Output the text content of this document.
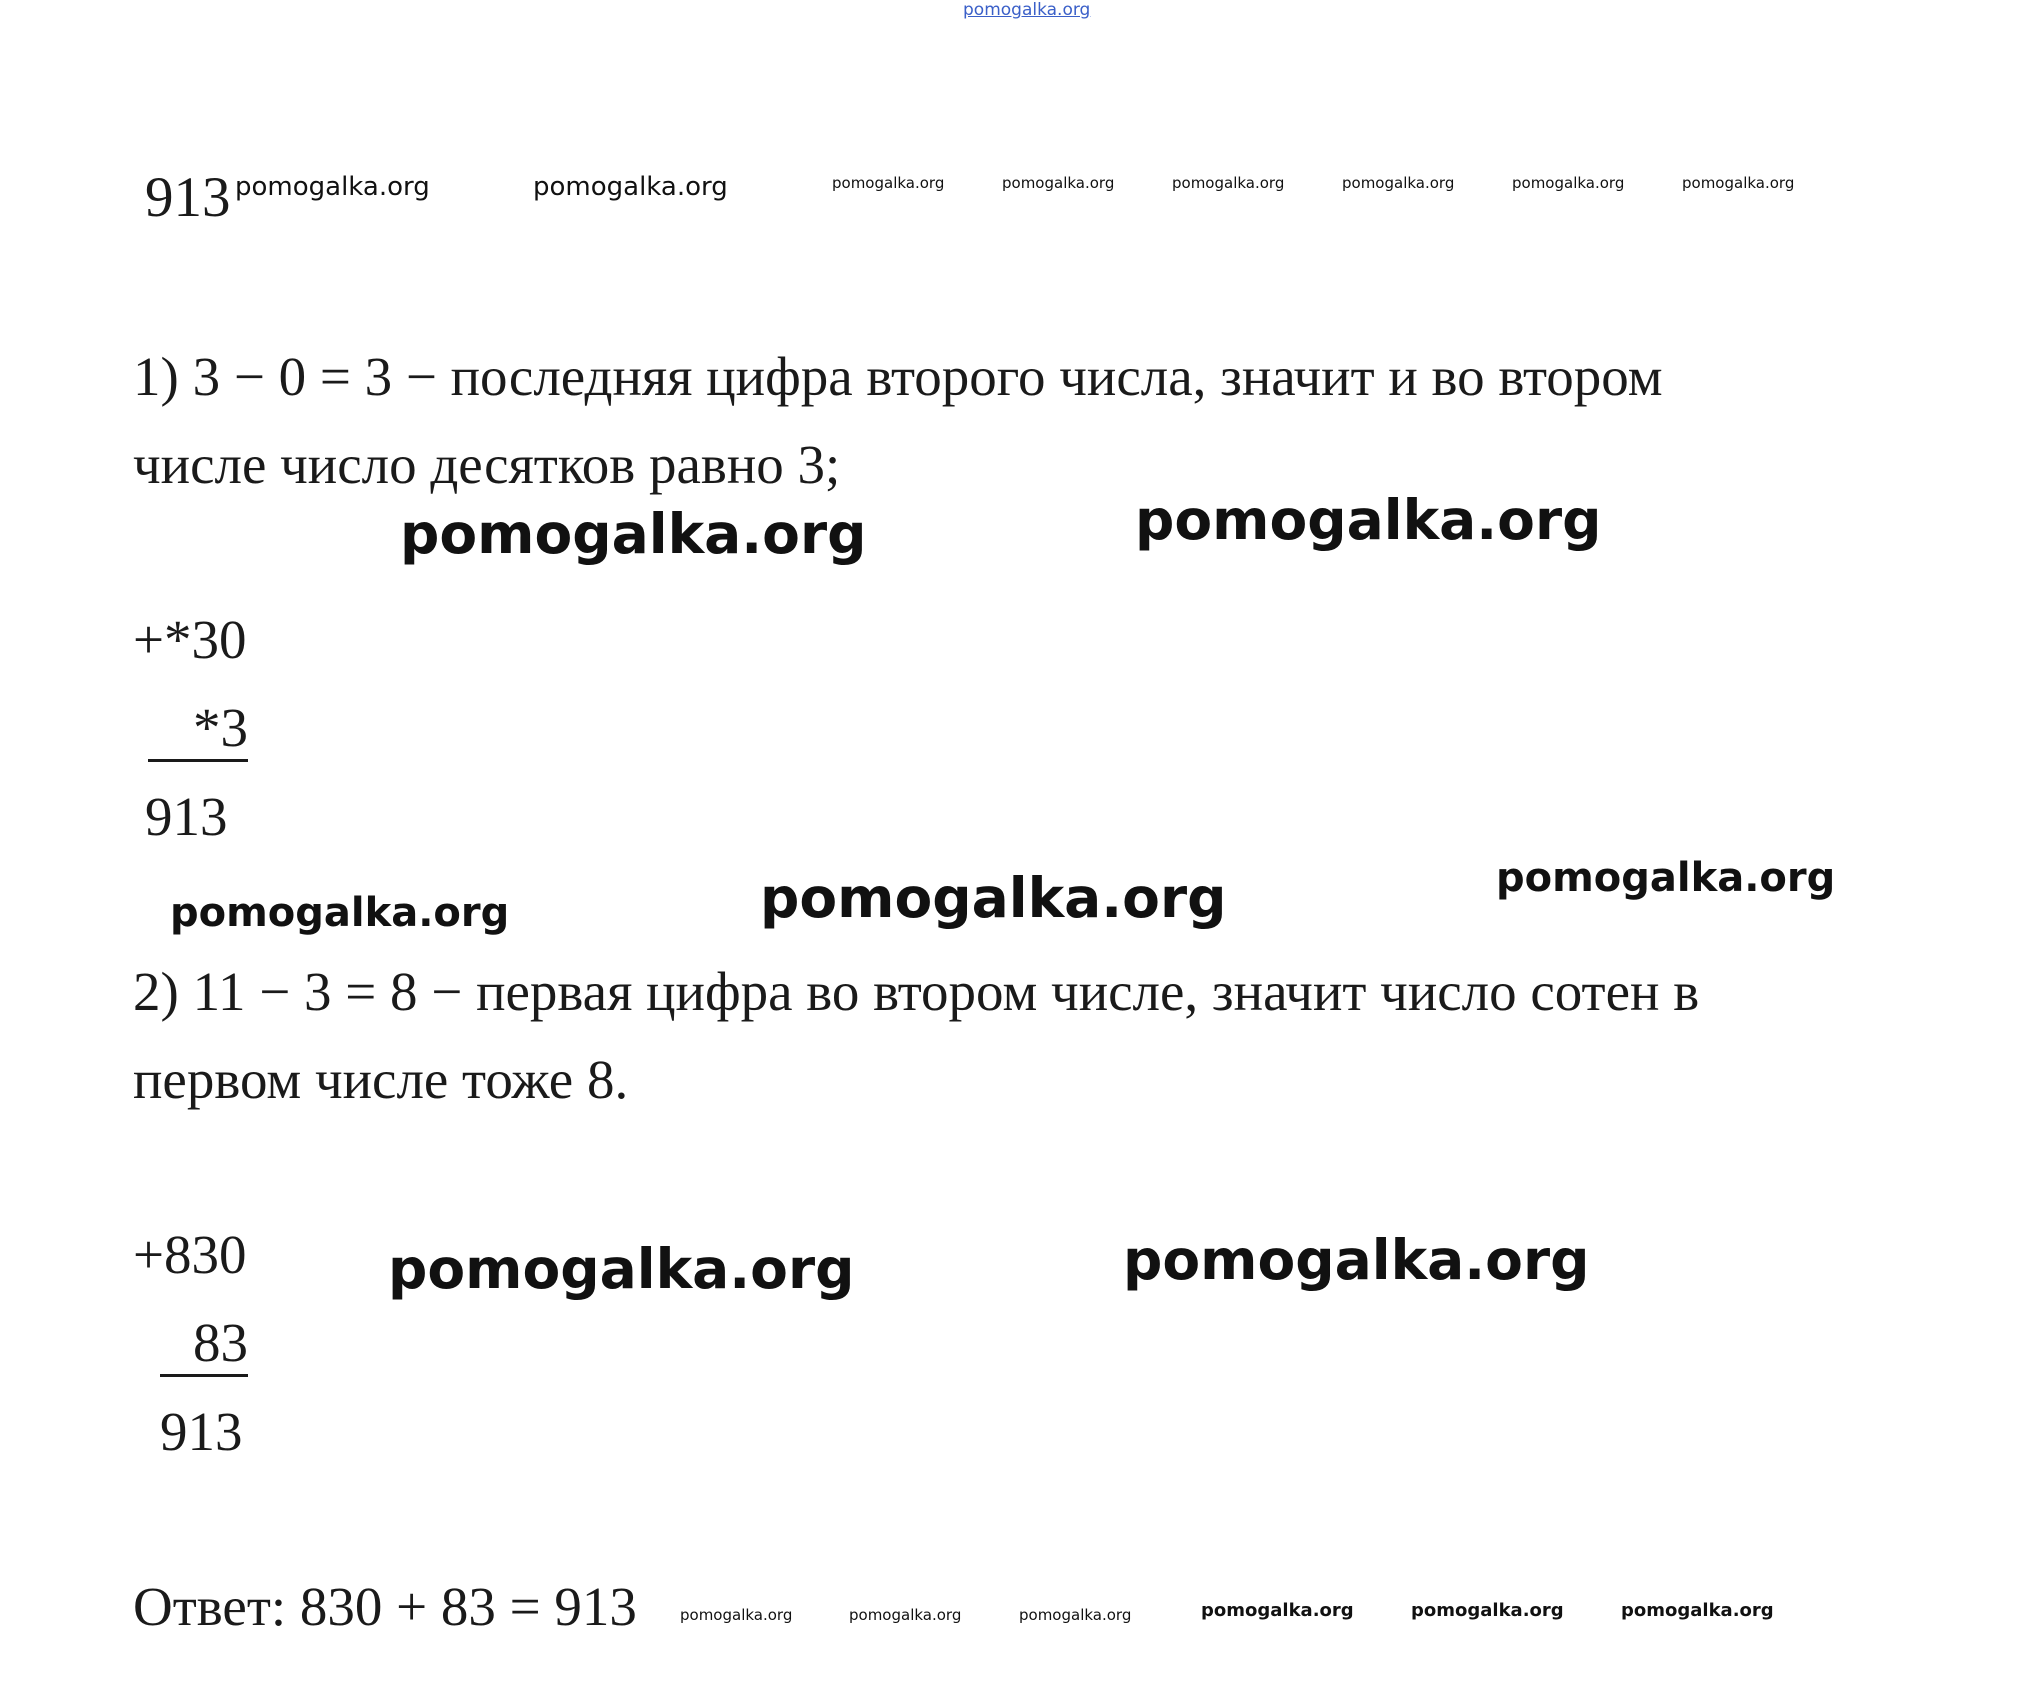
pomogalka.org
913 pomogalka.org	pomogalka.org	pomogalka.org	pomogalka.org	pomogalka.org	pomogalka.org	pomogalka.org	pomogalka.org
1) 3 − 0 = 3 − последняя цифра второго числа, значит и во втором
числе число десятков равно 3;
pomogalka.org	pomogalka.org
+*30
*3
913
pomogalka.org	pomogalka.org	pomogalka.org
2) 11 − 3 = 8 − первая цифра во втором числе, значит число сотен в
первом числе тоже 8.
+830	pomogalka.org	pomogalka.org
83
913
Ответ: 830 + 83 = 913	pomogalka.org	pomogalka.org	pomogalka.org	pomogalka.org	pomogalka.org	pomogalka.org
